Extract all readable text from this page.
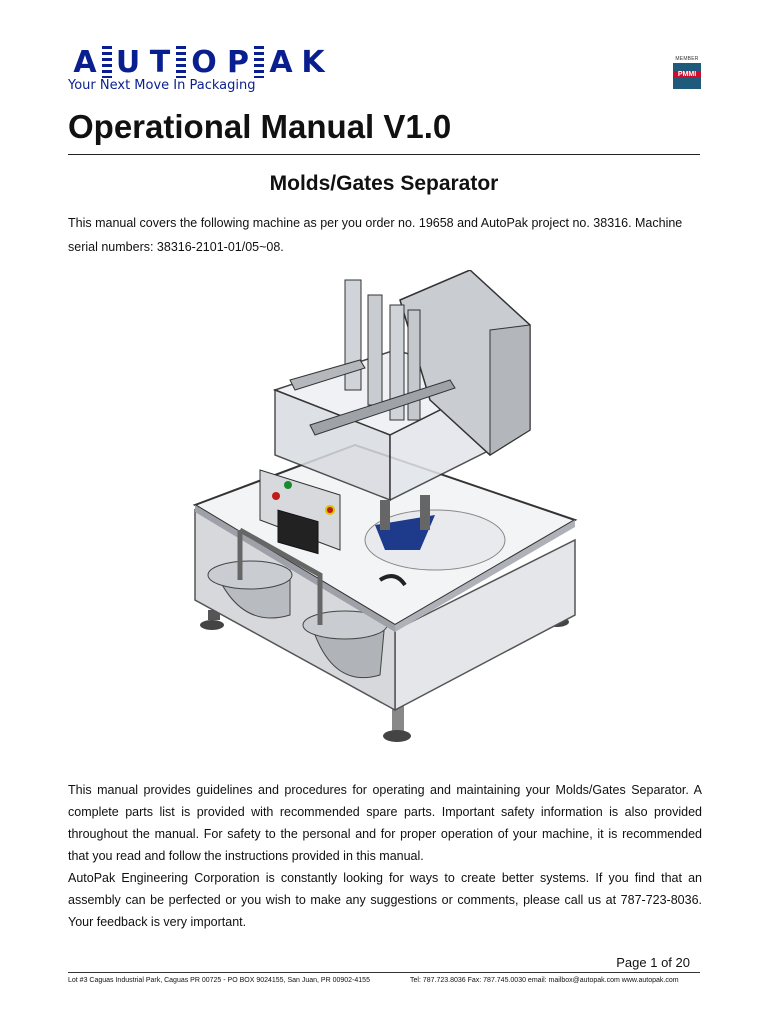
A U T O P A K
Your Next Move In Packaging
MEMBER
PMMI
Operational Manual V1.0
Molds/Gates Separator
This manual covers the following machine as per you order no. 19658 and AutoPak project no. 38316. Machine serial numbers: 38316-2101-01/05~08.

This manual provides guidelines and procedures for operating and maintaining your Molds/Gates Separator. A complete parts list is provided with recommended spare parts. Important safety information is also provided throughout the manual. For safety to the personal and for proper operation of your machine, it is recommended that you read and follow the instructions provided in this manual.

AutoPak Engineering Corporation is constantly looking for ways to create better systems. If you find that an assembly can be perfected or you wish to make any suggestions or comments, please call us at 787-723-8036. Your feedback is very important.

Page 1 of 20
Lot #3 Caguas Industrial Park, Caguas PR 00725 - PO BOX 9024155, San Juan, PR 00902-4155	Tel: 787.723.8036 Fax: 787.745.0030 email: mailbox@autopak.com www.autopak.com
